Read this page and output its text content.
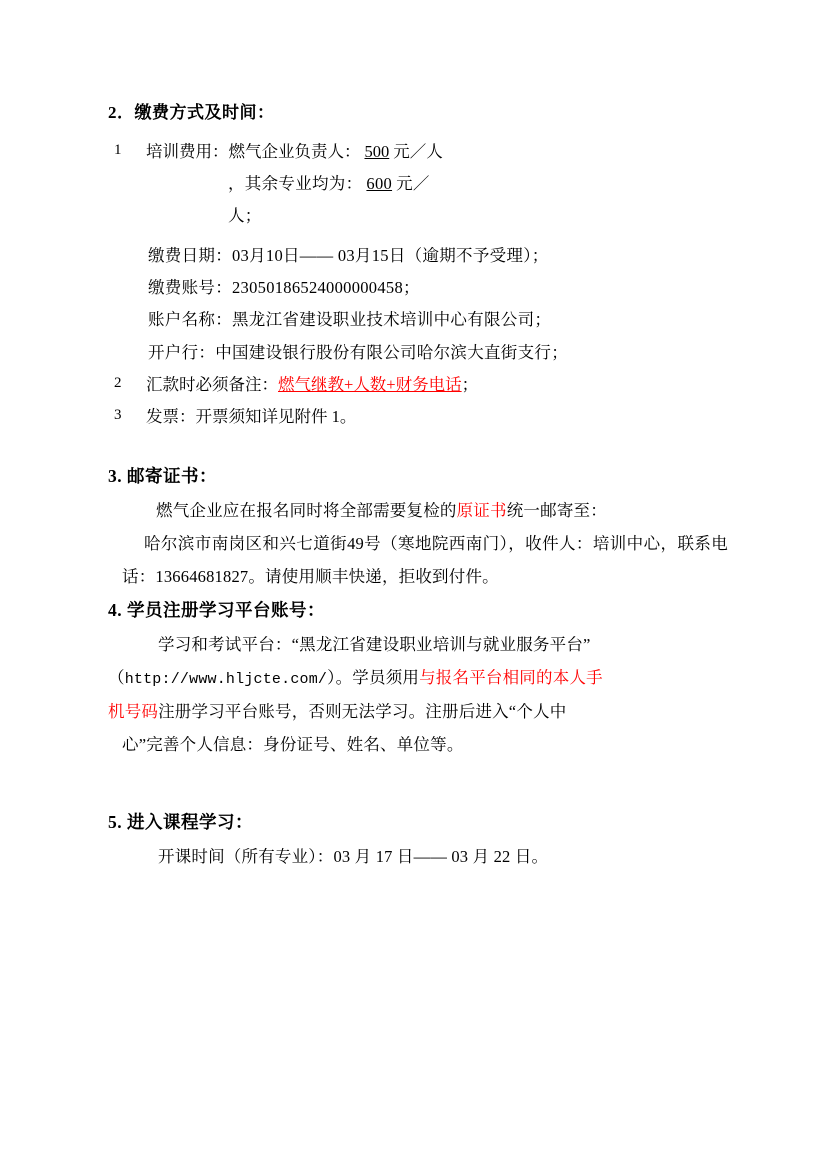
2．缴费方式及时间：
1	培训费用：燃气企业负责人： 500 元／人
，其余专业均为： 600 元／
人；
缴费日期：03月10日—— 03月15日（逾期不予受理）；
缴费账号：23050186524000000458；
账户名称：黑龙江省建设职业技术培训中心有限公司；
开户行：中国建设银行股份有限公司哈尔滨大直街支行；
2	汇款时必须备注：燃气继教+人数+财务电话；
3	发票：开票须知详见附件 1。
3. 邮寄证书：
燃气企业应在报名同时将全部需要复检的原证书统一邮寄至：
哈尔滨市南岗区和兴七道街49号（寒地院西南门），收件人：培训中心，联系电话：13664681827。请使用顺丰快递，拒收到付件。
4. 学员注册学习平台账号：
学习和考试平台：“黑龙江省建设职业培训与就业服务平台”
（http://www.hljcte.com/）。学员须用与报名平台相同的本人手
机号码注册学习平台账号，否则无法学习。注册后进入“个人中
心”完善个人信息：身份证号、姓名、单位等。
5. 进入课程学习：
开课时间（所有专业）：03 月 17 日—— 03 月 22 日。
